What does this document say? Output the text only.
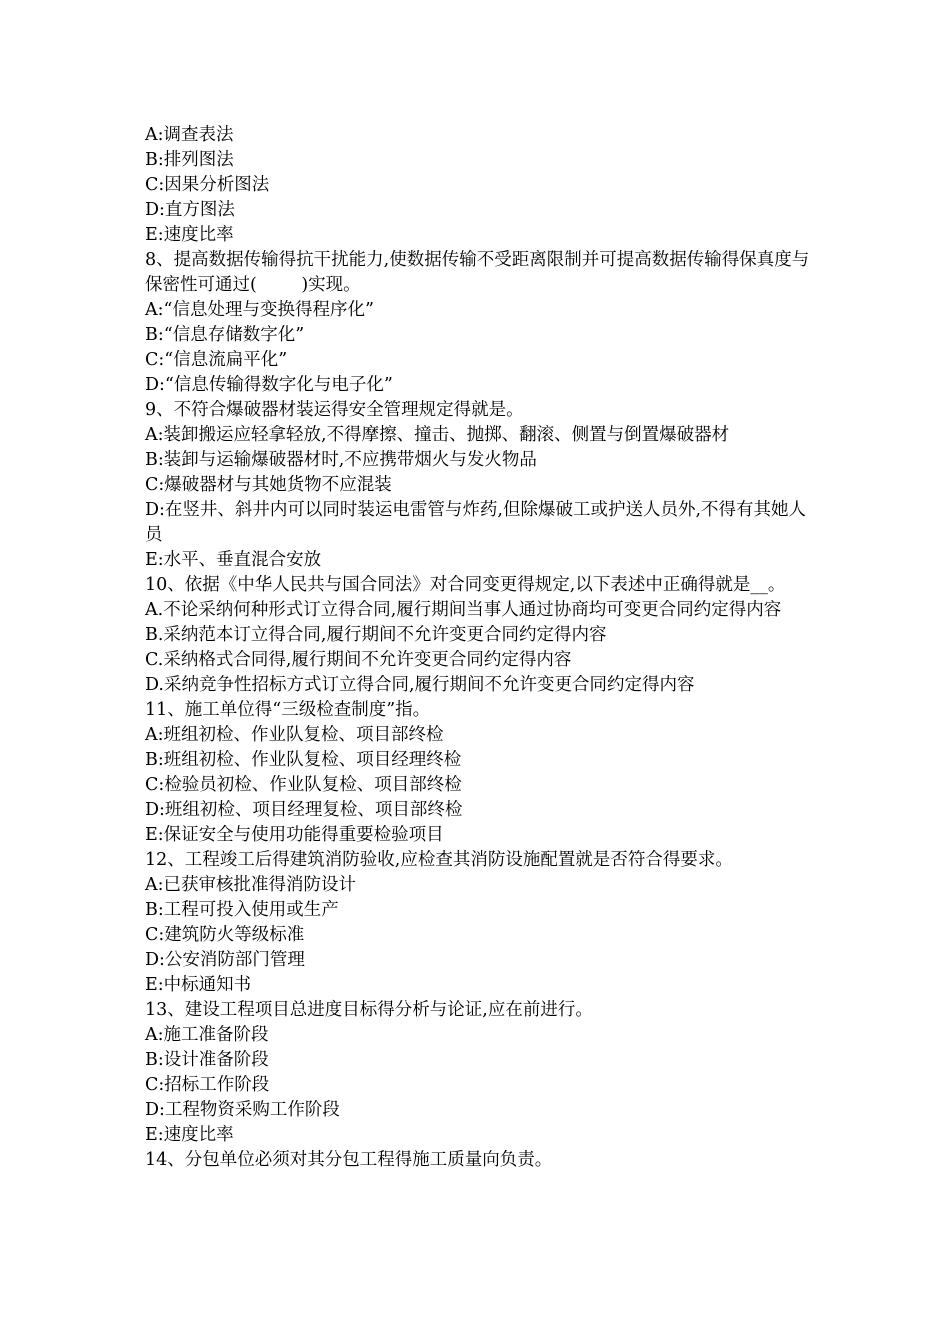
A:调查表法

B:排列图法

C:因果分析图法

D:直方图法

E:速度比率

8、提高数据传输得抗干扰能力,使数据传输不受距离限制并可提高数据传输得保真度与保密性可通过(        )实现。

A:“信息处理与变换得程序化”

B:“信息存储数字化”

C:“信息流扁平化”

D:“信息传输得数字化与电子化”

9、不符合爆破器材装运得安全管理规定得就是。

A:装卸搬运应轻拿轻放,不得摩擦、撞击、抛掷、翻滚、侧置与倒置爆破器材

B:装卸与运输爆破器材时,不应携带烟火与发火物品

C:爆破器材与其她货物不应混装

D:在竖井、斜井内可以同时装运电雷管与炸药,但除爆破工或护送人员外,不得有其她人员

E:水平、垂直混合安放

10、依据《中华人民共与国合同法》对合同变更得规定,以下表述中正确得就是__。

A.不论采纳何种形式订立得合同,履行期间当事人通过协商均可变更合同约定得内容

B.采纳范本订立得合同,履行期间不允许变更合同约定得内容

C.采纳格式合同得,履行期间不允许变更合同约定得内容

D.采纳竞争性招标方式订立得合同,履行期间不允许变更合同约定得内容

11、施工单位得“三级检查制度”指。

A:班组初检、作业队复检、项目部终检

B:班组初检、作业队复检、项目经理终检

C:检验员初检、作业队复检、项目部终检

D:班组初检、项目经理复检、项目部终检

E:保证安全与使用功能得重要检验项目

12、工程竣工后得建筑消防验收,应检查其消防设施配置就是否符合得要求。

A:已获审核批准得消防设计

B:工程可投入使用或生产

C:建筑防火等级标准

D:公安消防部门管理

E:中标通知书

13、建设工程项目总进度目标得分析与论证,应在前进行。

A:施工准备阶段

B:设计准备阶段

C:招标工作阶段

D:工程物资采购工作阶段

E:速度比率

14、分包单位必须对其分包工程得施工质量向负责。
